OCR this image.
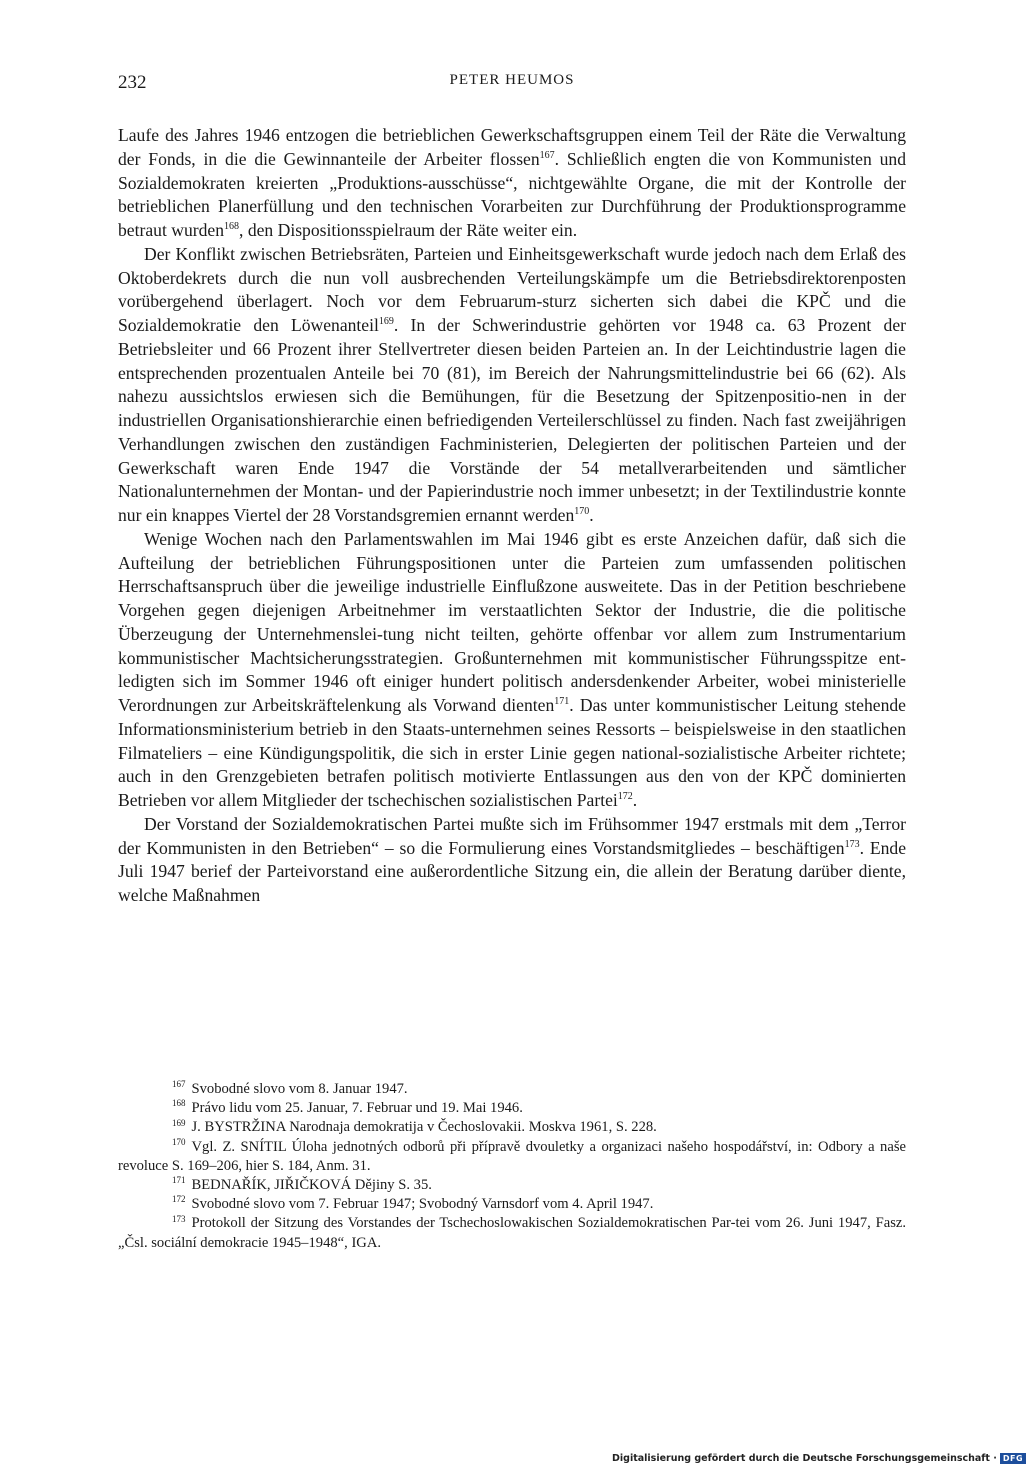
232	PETER HEUMOS

Laufe des Jahres 1946 entzogen die betrieblichen Gewerkschaftsgruppen einem Teil der Räte die Verwaltung der Fonds, in die die Gewinnanteile der Arbeiter flossen$^{167}$. Schließlich engten die von Kommunisten und Sozialdemokraten kreierten „Produktions-ausschüsse“, nichtgewählte Organe, die mit der Kontrolle der betrieblichen Planerfüllung und den technischen Vorarbeiten zur Durchführung der Produktionsprogramme betraut wurden$^{168}$, den Dispositionsspielraum der Räte weiter ein.

Der Konflikt zwischen Betriebsräten, Parteien und Einheitsgewerkschaft wurde jedoch nach dem Erlaß des Oktoberdekrets durch die nun voll ausbrechenden Verteilungskämpfe um die Betriebsdirektorenposten vorübergehend überlagert. Noch vor dem Februarum-sturz sicherten sich dabei die KPČ und die Sozialdemokratie den Löwenanteil$^{169}$. In der Schwerindustrie gehörten vor 1948 ca. 63 Prozent der Betriebsleiter und 66 Prozent ihrer Stellvertreter diesen beiden Parteien an. In der Leichtindustrie lagen die entsprechenden prozentualen Anteile bei 70 (81), im Bereich der Nahrungsmittelindustrie bei 66 (62). Als nahezu aussichtslos erwiesen sich die Bemühungen, für die Besetzung der Spitzenpositio-nen in der industriellen Organisationshierarchie einen befriedigenden Verteilerschlüssel zu finden. Nach fast zweijährigen Verhandlungen zwischen den zuständigen Fachministerien, Delegierten der politischen Parteien und der Gewerkschaft waren Ende 1947 die Vorstände der 54 metallverarbeitenden und sämtlicher Nationalunternehmen der Montan- und der Papierindustrie noch immer unbesetzt; in der Textilindustrie konnte nur ein knappes Viertel der 28 Vorstandsgremien ernannt werden$^{170}$.

Wenige Wochen nach den Parlamentswahlen im Mai 1946 gibt es erste Anzeichen dafür, daß sich die Aufteilung der betrieblichen Führungspositionen unter die Parteien zum umfassenden politischen Herrschaftsanspruch über die jeweilige industrielle Einflußzone ausweitete. Das in der Petition beschriebene Vorgehen gegen diejenigen Arbeitnehmer im verstaatlichten Sektor der Industrie, die die politische Überzeugung der Unternehmenslei-tung nicht teilten, gehörte offenbar vor allem zum Instrumentarium kommunistischer Machtsicherungsstrategien. Großunternehmen mit kommunistischer Führungsspitze ent-ledigten sich im Sommer 1946 oft einiger hundert politisch andersdenkender Arbeiter, wobei ministerielle Verordnungen zur Arbeitskräftelenkung als Vorwand dienten$^{171}$. Das unter kommunistischer Leitung stehende Informationsministerium betrieb in den Staats-unternehmen seines Ressorts – beispielsweise in den staatlichen Filmateliers – eine Kündigungspolitik, die sich in erster Linie gegen national-sozialistische Arbeiter richtete; auch in den Grenzgebieten betrafen politisch motivierte Entlassungen aus den von der KPČ dominierten Betrieben vor allem Mitglieder der tschechischen sozialistischen Partei$^{172}$.

Der Vorstand der Sozialdemokratischen Partei mußte sich im Frühsommer 1947 erstmals mit dem „Terror der Kommunisten in den Betrieben“ – so die Formulierung eines Vorstandsmitgliedes – beschäftigen$^{173}$. Ende Juli 1947 berief der Parteivorstand eine außerordentliche Sitzung ein, die allein der Beratung darüber diente, welche Maßnahmen

$^{167}$ Svobodné slovo vom 8. Januar 1947.

$^{168}$ Právo lidu vom 25. Januar, 7. Februar und 19. Mai 1946.

$^{169}$ J. BYSTRŽINA Narodnaja demokratija v Čechoslovakii. Moskva 1961, S. 228.

$^{170}$ Vgl. Z. SNÍTIL Úloha jednotných odborů při přípravě dvouletky a organizaci našeho hospodářství, in: Odbory a naše revoluce S. 169–206, hier S. 184, Anm. 31.

$^{171}$ BEDNAŘÍK, JIŘIČKOVÁ Dějiny S. 35.

$^{172}$ Svobodné slovo vom 7. Februar 1947; Svobodný Varnsdorf vom 4. April 1947.

$^{173}$ Protokoll der Sitzung des Vorstandes der Tschechoslowakischen Sozialdemokratischen Par-tei vom 26. Juni 1947, Fasz. „Čsl. sociální demokracie 1945–1948“, IGA.

Digitalisierung gefördert durch die Deutsche Forschungsgemeinschaft · DFG
